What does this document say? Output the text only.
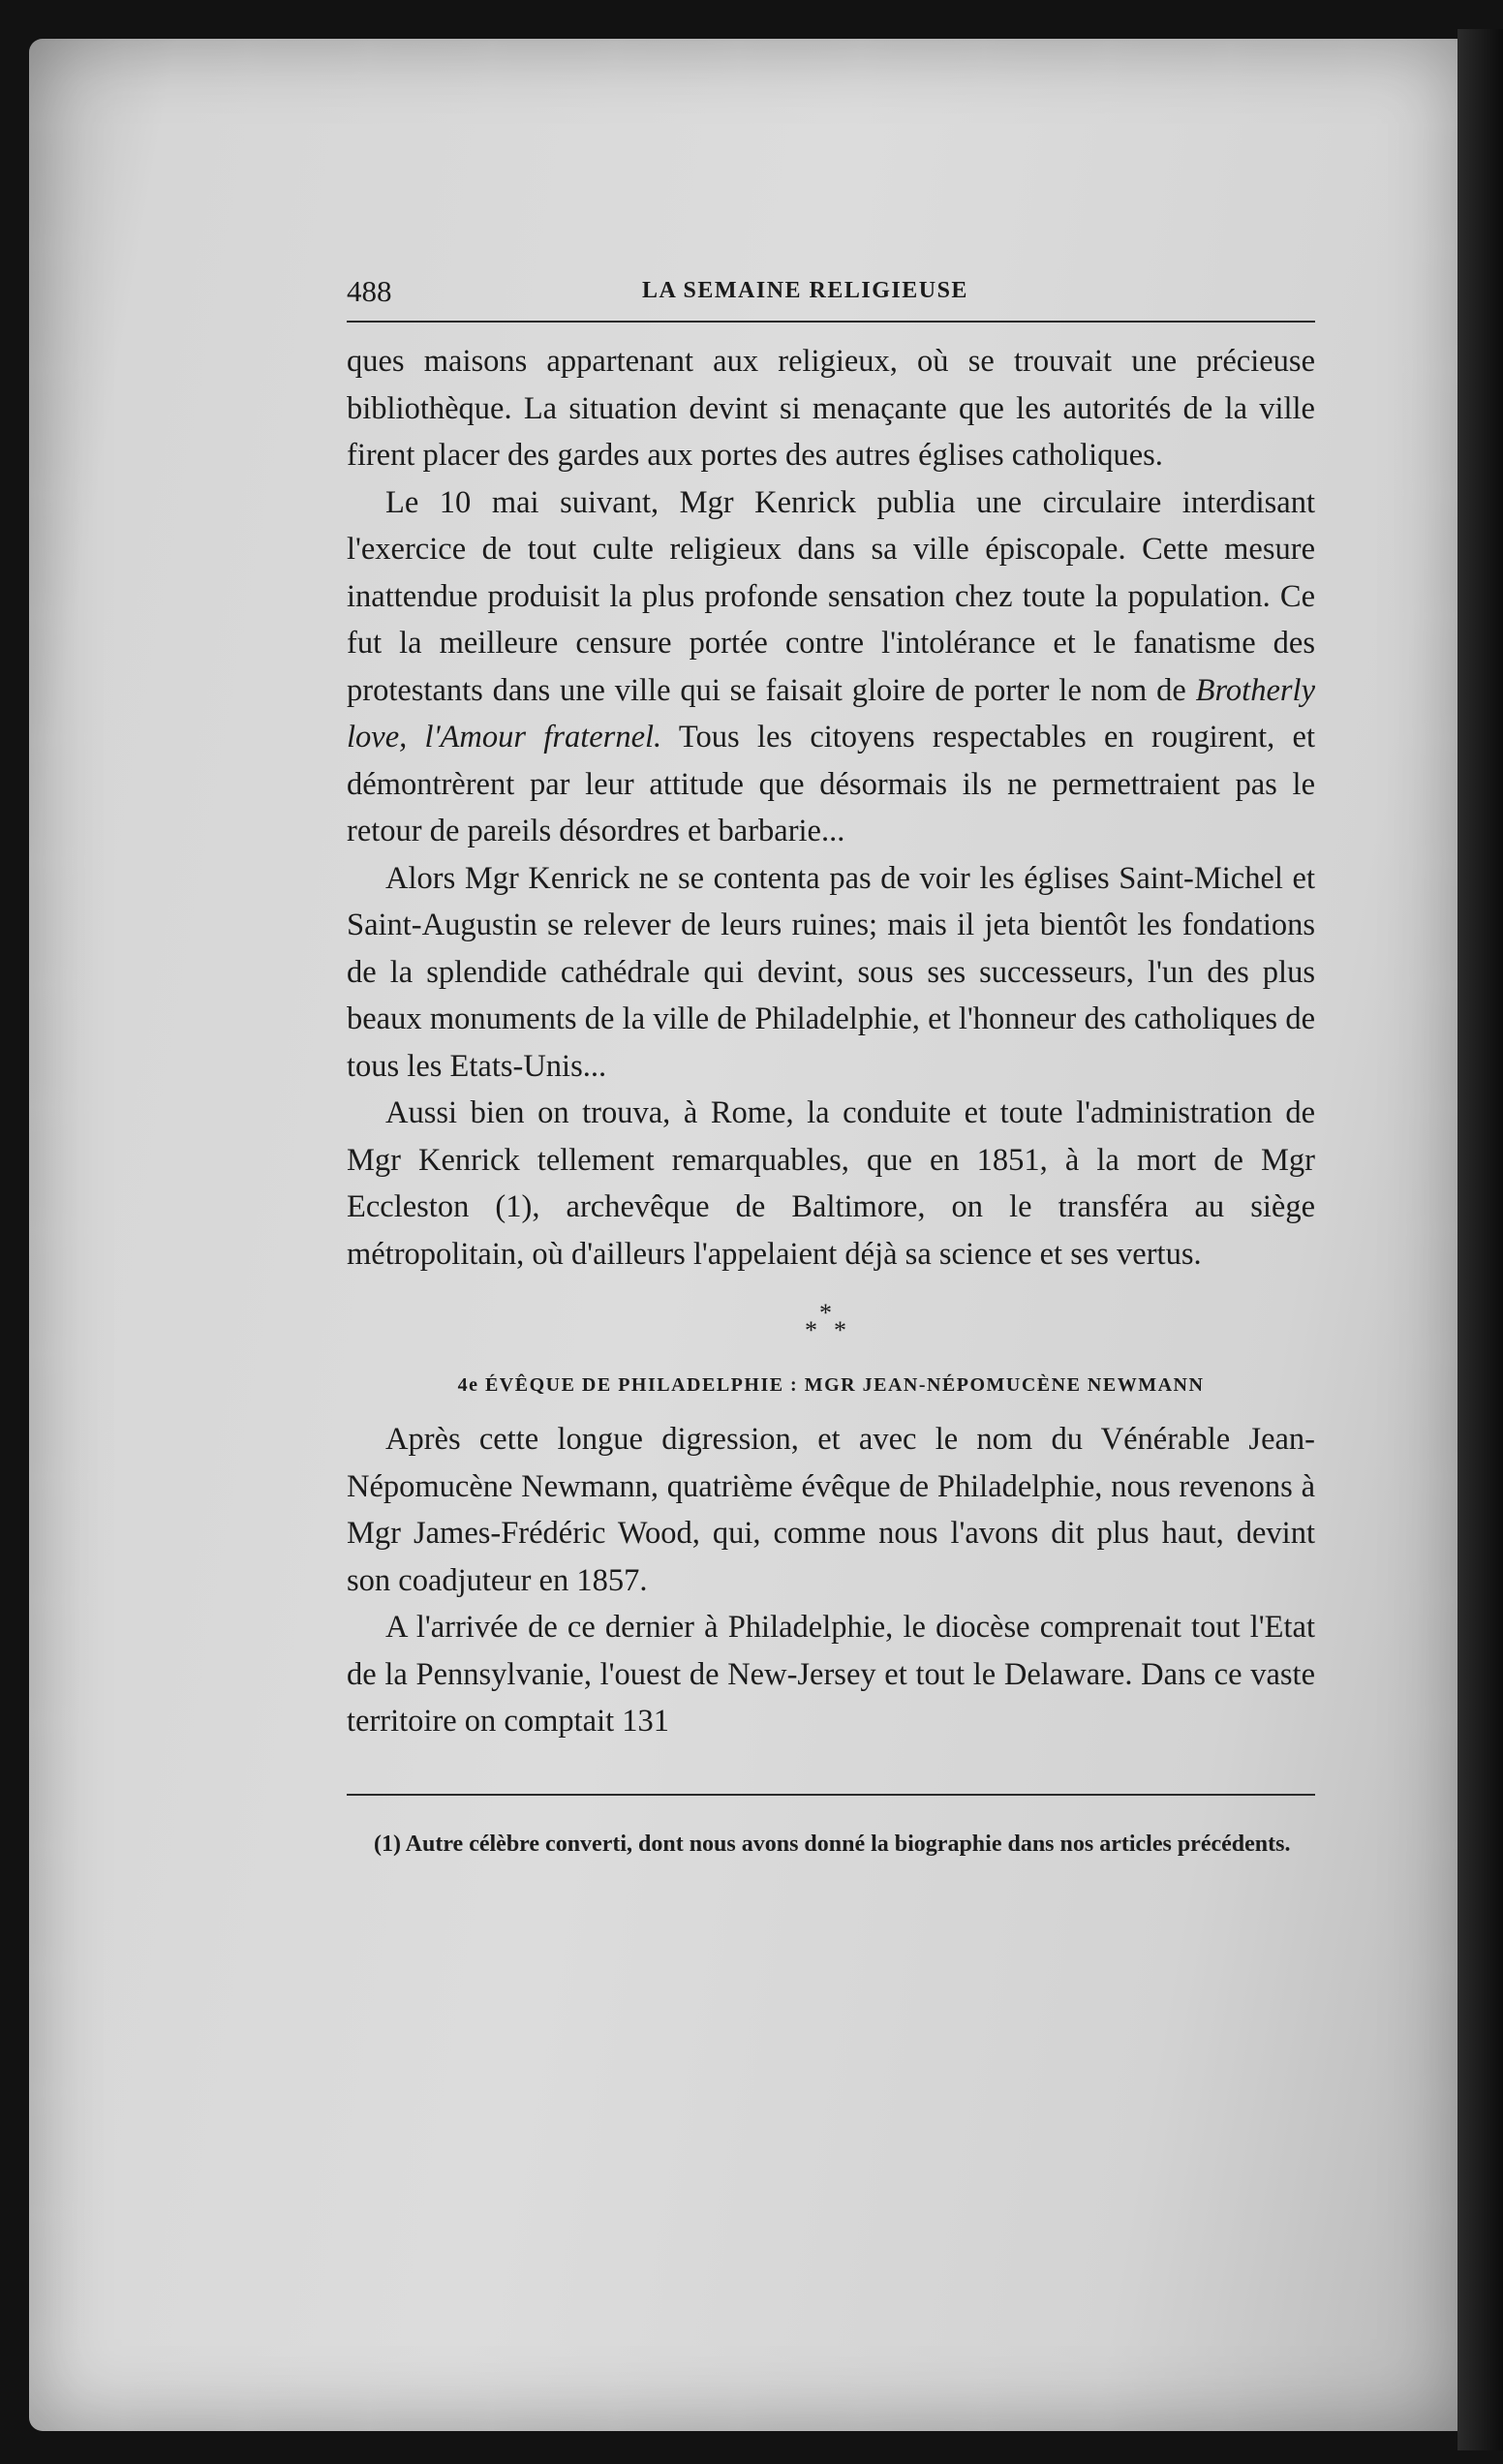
488	LA SEMAINE RELIGIEUSE

ques maisons appartenant aux religieux, où se trouvait une précieuse bibliothèque. La situation devint si menaçante que les autorités de la ville firent placer des gardes aux portes des autres églises catholiques.

Le 10 mai suivant, Mgr Kenrick publia une circulaire interdisant l'exercice de tout culte religieux dans sa ville épiscopale. Cette mesure inattendue produisit la plus profonde sensation chez toute la population. Ce fut la meilleure censure portée contre l'intolérance et le fanatisme des protestants dans une ville qui se faisait gloire de porter le nom de Brotherly love, l'Amour fraternel. Tous les citoyens respectables en rougirent, et démontrèrent par leur attitude que désormais ils ne permettraient pas le retour de pareils désordres et barbarie...

Alors Mgr Kenrick ne se contenta pas de voir les églises Saint-Michel et Saint-Augustin se relever de leurs ruines; mais il jeta bientôt les fondations de la splendide cathédrale qui devint, sous ses successeurs, l'un des plus beaux monuments de la ville de Philadelphie, et l'honneur des catholiques de tous les Etats-Unis...

Aussi bien on trouva, à Rome, la conduite et toute l'administration de Mgr Kenrick tellement remarquables, que en 1851, à la mort de Mgr Eccleston (1), archevêque de Baltimore, on le transféra au siège métropolitain, où d'ailleurs l'appelaient déjà sa science et ses vertus.

*
* *
4e ÉVÊQUE DE PHILADELPHIE : MGR JEAN-NÉPOMUCÈNE NEWMANN

Après cette longue digression, et avec le nom du Vénérable Jean-Népomucène Newmann, quatrième évêque de Philadelphie, nous revenons à Mgr James-Frédéric Wood, qui, comme nous l'avons dit plus haut, devint son coadjuteur en 1857.

A l'arrivée de ce dernier à Philadelphie, le diocèse comprenait tout l'Etat de la Pennsylvanie, l'ouest de New-Jersey et tout le Delaware. Dans ce vaste territoire on comptait 131

(1) Autre célèbre converti, dont nous avons donné la biographie dans nos articles précédents.
